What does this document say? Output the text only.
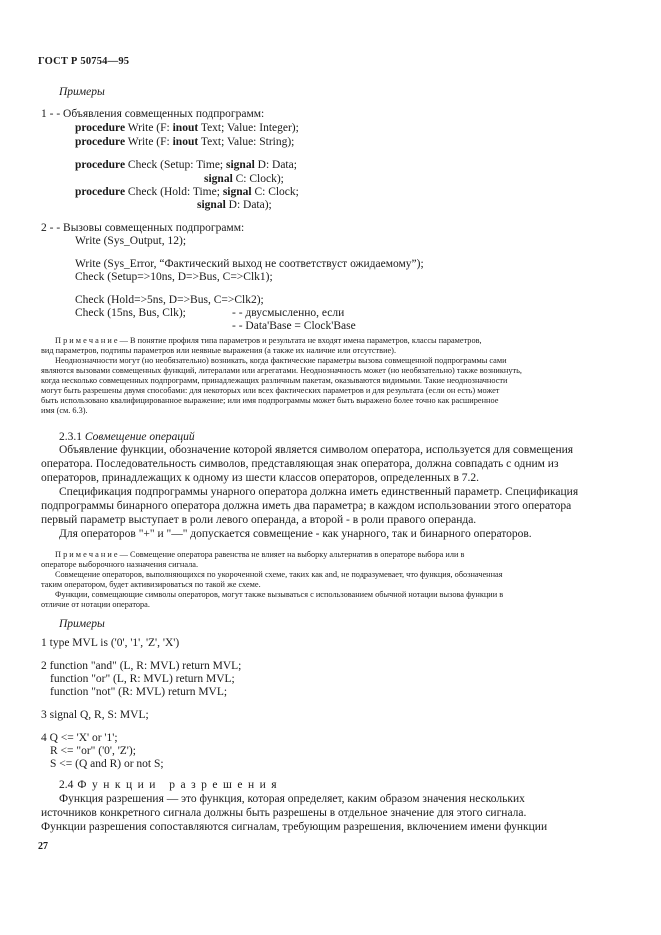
ГОСТ Р 50754—95
Примеры
1 - - Объявления совмещенных подпрограмм:
procedure Write (F: inout Text; Value: Integer);
procedure Write (F: inout Text; Value: String);
procedure Check (Setup: Time; signal D: Data;
signal C: Clock);
procedure Check (Hold: Time; signal C: Clock;
signal D: Data);
2 - - Вызовы совмещенных подпрограмм:
Write (Sys_Output, 12);
Write (Sys_Error, “Фактический выход не соответствуст ожидаемому”);
Check (Setup=>10ns, D=>Bus, C=>Clk1);
Check (Hold=>5ns, D=>Bus, C=>Clk2);
Check (15ns, Bus, Clk);	- - двусмысленно, если
- - Data'Base = Clock'Base
П р и м е ч а н и е — В понятие профиля типа параметров и результата не входят имена параметров, классы параметров,
вид параметров, подтипы параметров или неявные выражения (а также их наличие или отсутствие).
Неоднозначности могут (но необязательно) возникать, когда фактические параметры вызова совмещенной подпрограммы сами
являются вызовами совмещенных функций, литералами или агрегатами. Неоднозначность может (но необязательно) также возникнуть,
когда несколько совмещенных подпрограмм, принадлежащих различным пакетам, оказываются видимыми. Такие неоднозначности
могут быть разрешены двумя способами: для некоторых или всех фактических параметров и для результата (если он есть) может
быть использовано квалифицированное выражение; или имя подпрограммы может быть выражено более точно как расширенное
имя (см. 6.3).
2.3.1 Совмещение операций
Объявление функции, обозначение которой является символом оператора, используется для совмещения
оператора. Последовательность символов, представляющая знак оператора, должна совпадать с одним из
операторов, принадлежащих к одному из шести классов операторов, определенных в 7.2.
Спецификация подпрограммы унарного оператора должна иметь единственный параметр. Спецификация
подпрограммы бинарного оператора должна иметь два параметра; в каждом использовании этого оператора
первый параметр выступает в роли левого операнда, а второй - в роли правого операнда.
Для операторов "+" и "—" допускается совмещение - как унарного, так и бинарного операторов.
П р и м е ч а н и е — Совмещение оператора равенства не влияет на выборку альтернатив в операторе выбора или в
операторе выборочного назначения сигнала.
Совмещение операторов, выполняющихся по укороченной схеме, таких как and, не подразумевает, что функция, обозначенная
таким оператором, будет активизироваться по такой же схеме.
Функции, совмещающие символы операторов, могут также вызываться с использованием обычной нотации вызова функции в
отличие от нотации оператора.
Примеры
1 type MVL is ('0', '1', 'Z', 'X')
2 function "and" (L, R: MVL) return MVL;
function "or" (L, R: MVL) return MVL;
function "not" (R: MVL) return MVL;
3 signal Q, R, S: MVL;
4 Q <= 'X' or '1';
R <= "or" ('0', 'Z');
S <= (Q and R) or not S;
2.4 Функции разрешения
Функция разрешения — это функция, которая определяет, каким образом значения нескольких
источников конкретного сигнала должны быть разрешены в отдельное значение для этого сигнала.
Функции разрешения сопоставляются сигналам, требующим разрешения, включением имени функции
27
